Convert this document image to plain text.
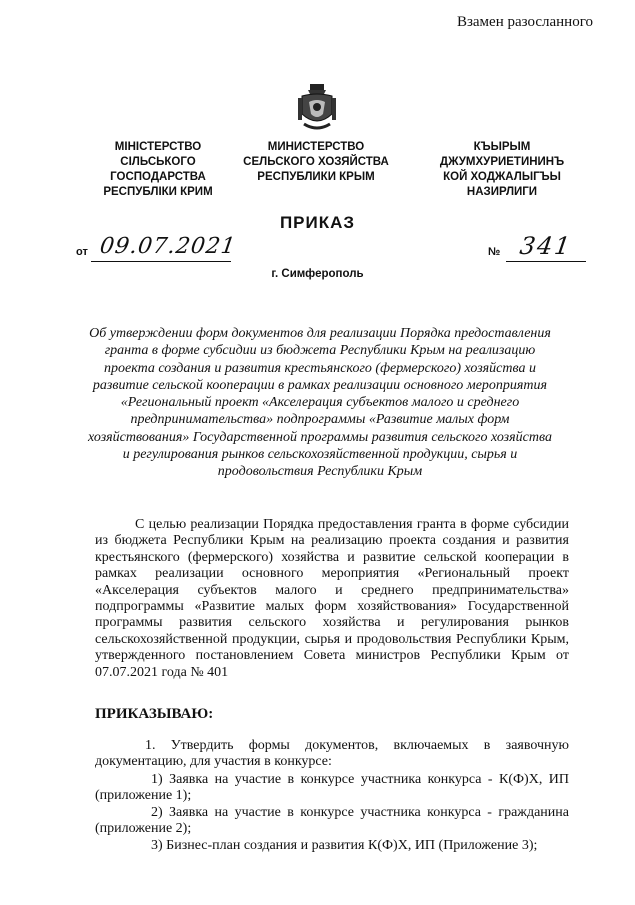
Взамен разосланного
МІНІСТЕРСТВО
СІЛЬСЬКОГО
ГОСПОДАРСТВА
РЕСПУБЛІКИ КРИМ
МИНИСТЕРСТВО
СЕЛЬСКОГО ХОЗЯЙСТВА
РЕСПУБЛИКИ КРЫМ
КЪЫРЫМ
ДЖУМХУРИЕТИНИНЪ
КОЙ ХОДЖАЛЫГЪЫ
НАЗИРЛИГИ
ПРИКАЗ
от 09.07.2021	№ 341
г. Симферополь
Об утверждении форм документов для реализации Порядка предоставления гранта в форме субсидии из бюджета Республики Крым на реализацию проекта создания и развития крестьянского (фермерского) хозяйства и развитие сельской кооперации в рамках реализации основного мероприятия «Региональный проект «Акселерация субъектов малого и среднего предпринимательства» подпрограммы «Развитие малых форм хозяйствования» Государственной программы развития сельского хозяйства и регулирования рынков сельскохозяйственной продукции, сырья и продовольствия Республики Крым
С целью реализации Порядка предоставления гранта в форме субсидии из бюджета Республики Крым на реализацию проекта создания и развития крестьянского (фермерского) хозяйства и развитие сельской кооперации в рамках реализации основного мероприятия «Региональный проект «Акселерация субъектов малого и среднего предпринимательства» подпрограммы «Развитие малых форм хозяйствования» Государственной программы развития сельского хозяйства и регулирования рынков сельскохозяйственной продукции, сырья и продовольствия Республики Крым, утвержденного постановлением Совета министров Республики Крым от 07.07.2021 года № 401
ПРИКАЗЫВАЮ:
1. Утвердить формы документов, включаемых в заявочную документацию, для участия в конкурсе:
1) Заявка на участие в конкурсе участника конкурса - К(Ф)Х, ИП (приложение 1);
2) Заявка на участие в конкурсе участника конкурса - гражданина (приложение 2);
3) Бизнес-план создания и развития К(Ф)Х, ИП (Приложение 3);
